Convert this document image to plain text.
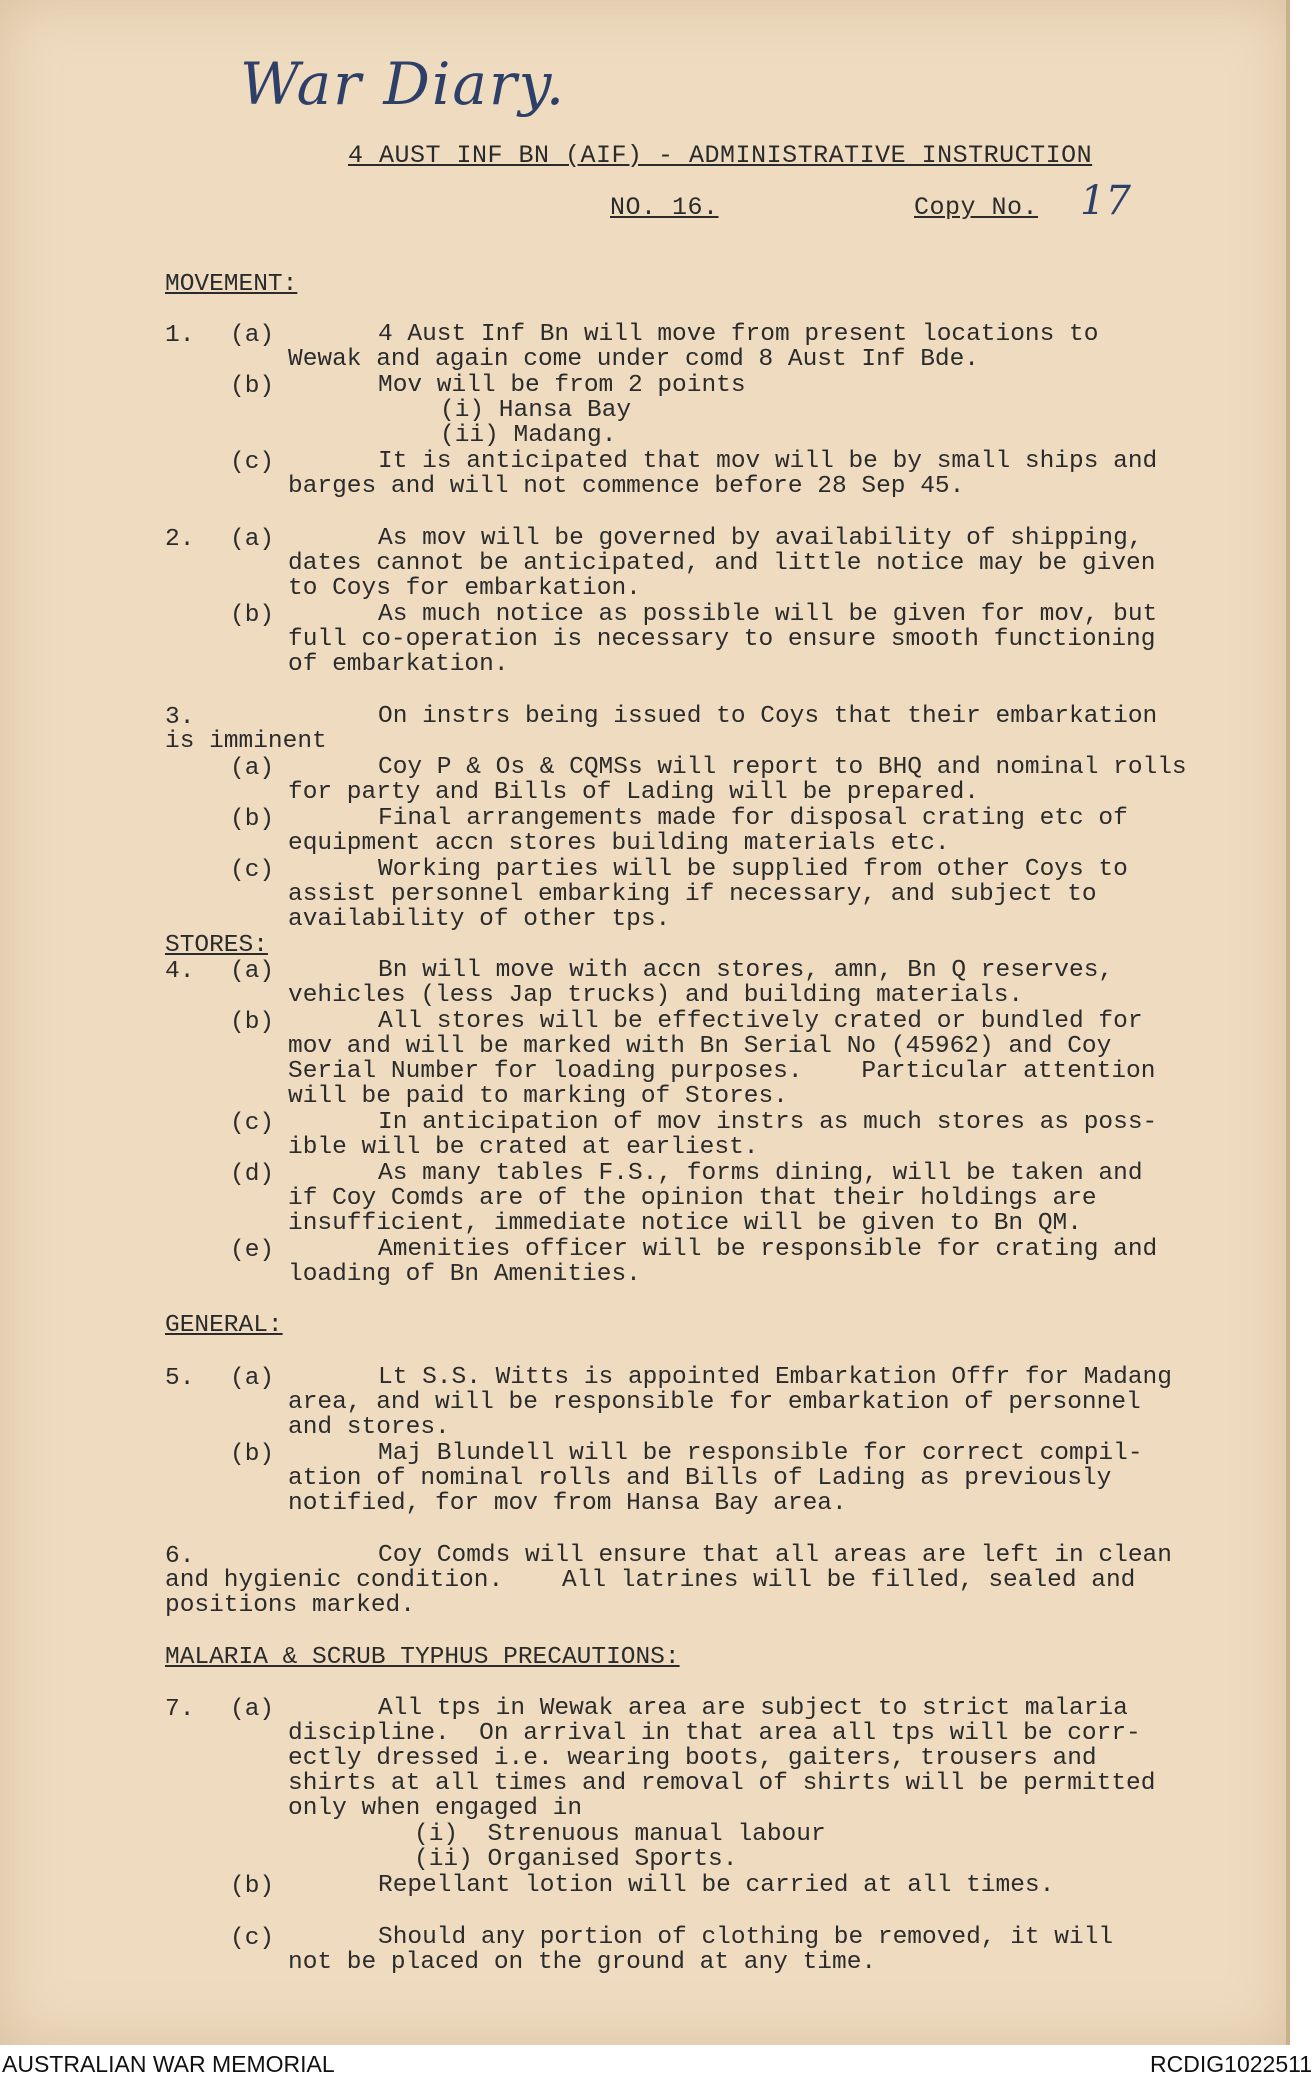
War Diary.
4 AUST INF BN (AIF) - ADMINISTRATIVE INSTRUCTION
NO. 16.	Copy No. 17
MOVEMENT:
1. (a)	4 Aust Inf Bn will move from present locations to
Wewak and again come under comd 8 Aust Inf Bde.
(b)	Mov will be from 2 points
(i) Hansa Bay
(ii) Madang.
(c)	It is anticipated that mov will be by small ships and
barges and will not commence before 28 Sep 45.
2. (a)	As mov will be governed by availability of shipping,
dates cannot be anticipated, and little notice may be given
to Coys for embarkation.
(b)	As much notice as possible will be given for mov, but
full co-operation is necessary to ensure smooth functioning
of embarkation.
3.	On instrs being issued to Coys that their embarkation
is imminent
(a)	Coy P & Os & CQMSs will report to BHQ and nominal rolls
for party and Bills of Lading will be prepared.
(b)	Final arrangements made for disposal crating etc of
equipment accn stores building materials etc.
(c)	Working parties will be supplied from other Coys to
assist personnel embarking if necessary, and subject to
availability of other tps.
STORES:
4. (a)	Bn will move with accn stores, amn, Bn Q reserves,
vehicles (less Jap trucks) and building materials.
(b)	All stores will be effectively crated or bundled for
mov and will be marked with Bn Serial No (45962) and Coy
Serial Number for loading purposes.    Particular attention
will be paid to marking of Stores.
(c)	In anticipation of mov instrs as much stores as poss-
ible will be crated at earliest.
(d)	As many tables F.S., forms dining, will be taken and
if Coy Comds are of the opinion that their holdings are
insufficient, immediate notice will be given to Bn QM.
(e)	Amenities officer will be responsible for crating and
loading of Bn Amenities.
GENERAL:
5. (a)	Lt S.S. Witts is appointed Embarkation Offr for Madang
area, and will be responsible for embarkation of personnel
and stores.
(b)	Maj Blundell will be responsible for correct compil-
ation of nominal rolls and Bills of Lading as previously
notified, for mov from Hansa Bay area.
6.	Coy Comds will ensure that all areas are left in clean
and hygienic condition.    All latrines will be filled, sealed and
positions marked.
MALARIA & SCRUB TYPHUS PRECAUTIONS:
7. (a)	All tps in Wewak area are subject to strict malaria
discipline.  On arrival in that area all tps will be corr-
ectly dressed i.e. wearing boots, gaiters, trousers and
shirts at all times and removal of shirts will be permitted
only when engaged in
(i)  Strenuous manual labour
(ii) Organised Sports.
(b)	Repellant lotion will be carried at all times.
(c)	Should any portion of clothing be removed, it will
not be placed on the ground at any time.
AUSTRALIAN WAR MEMORIAL	RCDIG1022511
